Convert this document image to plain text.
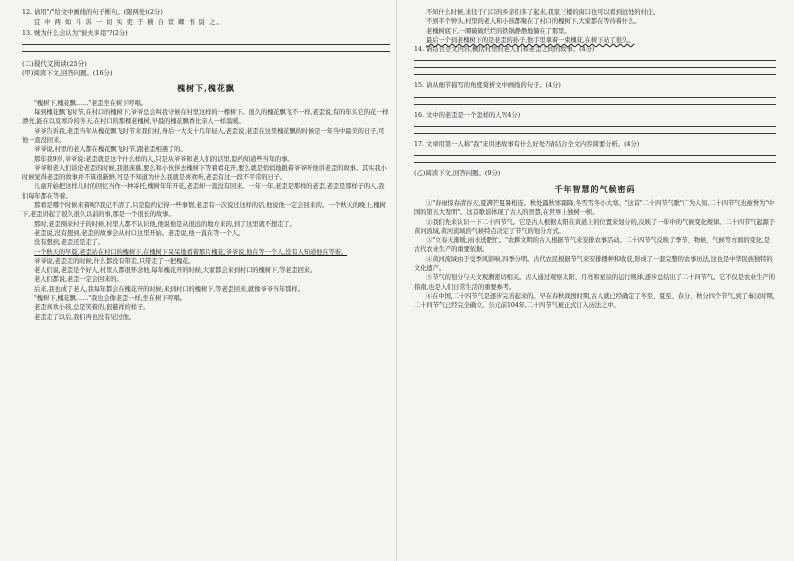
12. 请用"/"给文中画线的句子断句。(限两处)(2分)
宜 中 两 如 斗 诉 一 切 实 吏 于 横 自 宦 卿 书 尉 之。
13. 贼为什么会认为"彼夫多俎"?(2分)
(二)现代文阅读(25分)
(甲)阅读下文,回答问题。(16分)
槐树下,槐花飘

"槐树下,槐花飘……"老歪坐在树下哼唱。

每到槐花飘飞时节,在村口的槐树下,爷爷总会叫我守候在村里这样的一棵树下。很久的槐花飘飞不一样,老歪说,有的年头它的花一样漂亮,能在以及寒冷的冬天,在村口的那棵老槐树,早晨的槐花飘香比亲人一样温暖。

爷爷告诉我,老歪当年从槐花飘飞时节来我们村,身后一大支十几年轻人,老歪说,老歪在这里槐花飘的时候是一年当中最美的日子,可他一直没回来。

爷爷说,村里的老人都在槐花飘飞时节,跟老歪相遇了的。

那年我9岁,爷爷说:老歪就是这个什么样的人,只是从爷爷和老人们的话里,隐约知道些当年的事。

爷爷和老人们谈论老歪的时候,我很羡慕,要么和小伙伴去槐树下等着看花开,要么就是悄悄地跟着爷爷听他讲老歪的故事。其实我小时候觉得老歪的故事并不算很新鲜,可是不知道为什么我就是喜欢听,老歪有过一段不平常的日子。

儿童开始把这样儿时的回忆当作一种寄托,槐树年年开花,老歪却一直没有回来。一年一年,老歪是那样的老歪,老歪是那样子的人,我们每年都在等着。

那看是哪个时候来着呢?我记不清了,只是隐约记得一些事情,老歪有一次说过这样的话,他说他一定会回来的。一个秋天的晚上,槐树下,老歪讲起了很久很久以前的事,那是一个很长的故事。

那时,老歪刚来村子的时候,村里人都不认识他,他说他是从很远的地方来的,到了这里就不想走了。

老歪说,没有想到,老歪的故事会从村口这里开始。老歪说,他一直在等一个人。

没有想到,老歪还是走了。

一个秋天的早晨,老歪站在村口的槐树下,在槐树下呆呆地看着那片槐花,爷爷说,他在等一个人,没有人知道他在等谁。

爷爷说,老歪走的时候,什么都没有带走,只带走了一把槐花。

老人们说,老歪是个好人,村里人都很怀念他,每年槐花开的时候,大家都会来到村口的槐树下,等老歪回来。

老人们都说,老歪一定会回来的。

后来,我也成了老人,我每年都会在槐花开的时候,来到村口的槐树下,等老歪回来,就像爷爷当年那样。

"槐树下,槐花飘……"我也会像老歪一样,坐在树下哼唱。

老歪喜欢小孩,总是笑着的,很慈祥的样子。

老歪走了以后,我们再也没有见过他。

不知什么时候,来往于门口的乡亲们多了起来,我家三楼的窗口也可以看到远处的村庄。

不到半个钟头,村里的老人和小孩都聚在了村口的槐树下,大家都在等待着什么。

老槐树底下,一圈破破烂烂的铁锅静静地躺在了那里。

最后一个到老槐树下的是老歪的孙子,他手里拿着一束槐花,在树下站了很久。

14. 请结合全文内容,概括村里的老人们和老歪之间的故事。(4分)
15. 请从细节描写的角度赏析文中画线的句子。(4分)
16. 文中的老歪是一个怎样的人?(4分)
17. 文章用第一人称"我"来讲述故事有什么好处?请结合全文内容简要分析。(4分)
(乙)阅读下文,回答问题。(9分)
千年智慧的气候密码

①"春雨惊春清谷天,夏满芒夏暑相连。秋处露秋寒霜降,冬雪雪冬小大寒。"这首"二十四节气歌"广为人知,二十四节气也被誉为"中国的第五大发明"。这首歌谣体现了古人的智慧,在世界上独树一帜。

②我们先来认识一下二十四节气。它是古人根据太阳在黄道上的位置来划分的,反映了一年中的气候变化规律。二十四节气起源于黄河流域,黄河流域的气候特点决定了节气的划分方式。

③"立春天渐暖,雨水送肥忙。"农耕文明的古人根据节气来安排农事活动。二十四节气反映了季节、物候、气候等方面的变化,是古代农业生产的重要依据。

④黄河流域由于受季风影响,四季分明。古代农民根据节气来安排播种和收获,形成了一套完整的农事历法,这也是中华民族独特的文化遗产。

⑤节气的划分与天文观测密切相关。古人通过观察太阳、月亮和星辰的运行规律,逐步总结出了二十四节气。它不仅是农业生产的指南,也是人们日常生活的重要参考。

⑥在中国,二十四节气是逐步完善起来的。早在春秋战国时期,古人就已经确定了冬至、夏至、春分、秋分四个节气,到了秦汉时期,二十四节气已经完全确立。公元前104年,二十四节气被正式订入历法之中。
